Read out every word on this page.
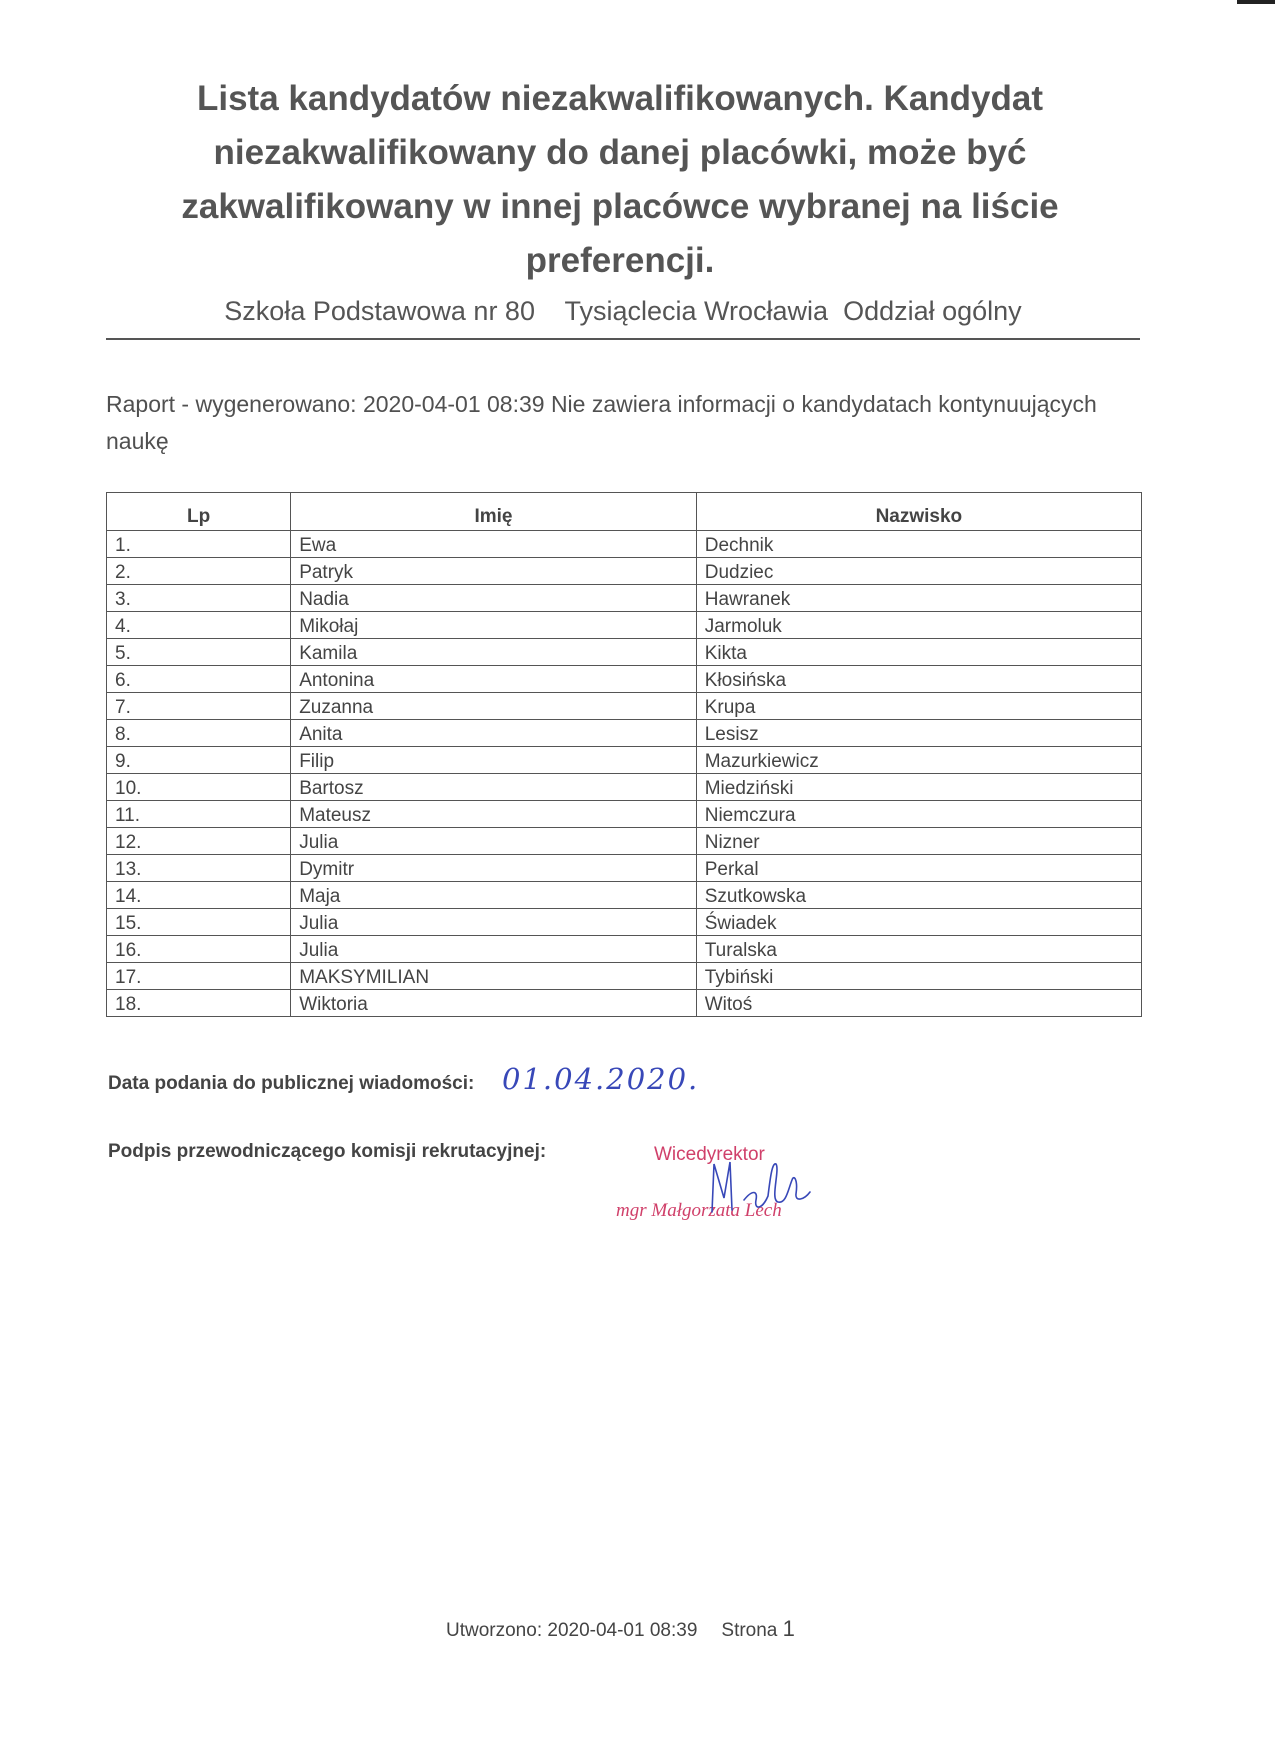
Lista kandydatów niezakwalifikowanych. Kandydat niezakwalifikowany do danej placówki, może być zakwalifikowany w innej placówce wybranej na liście preferencji.
Szkoła Podstawowa nr 80    Tysiąclecia Wrocławia  Oddział ogólny
Raport - wygenerowano: 2020-04-01 08:39 Nie zawiera informacji o kandydatach kontynuujących naukę
Lp	Imię	Nazwisko
1.	Ewa	Dechnik
2.	Patryk	Dudziec
3.	Nadia	Hawranek
4.	Mikołaj	Jarmoluk
5.	Kamila	Kikta
6.	Antonina	Kłosińska
7.	Zuzanna	Krupa
8.	Anita	Lesisz
9.	Filip	Mazurkiewicz
10.	Bartosz	Miedziński
11.	Mateusz	Niemczura
12.	Julia	Nizner
13.	Dymitr	Perkal
14.	Maja	Szutkowska
15.	Julia	Świadek
16.	Julia	Turalska
17.	MAKSYMILIAN	Tybiński
18.	Wiktoria	Witoś
Data podania do publicznej wiadomości: 01.04.2020.
Podpis przewodniczącego komisji rekrutacyjnej:	Wicedyrektor
mgr Małgorzata Lech
Utworzono: 2020-04-01 08:39 Strona 1
